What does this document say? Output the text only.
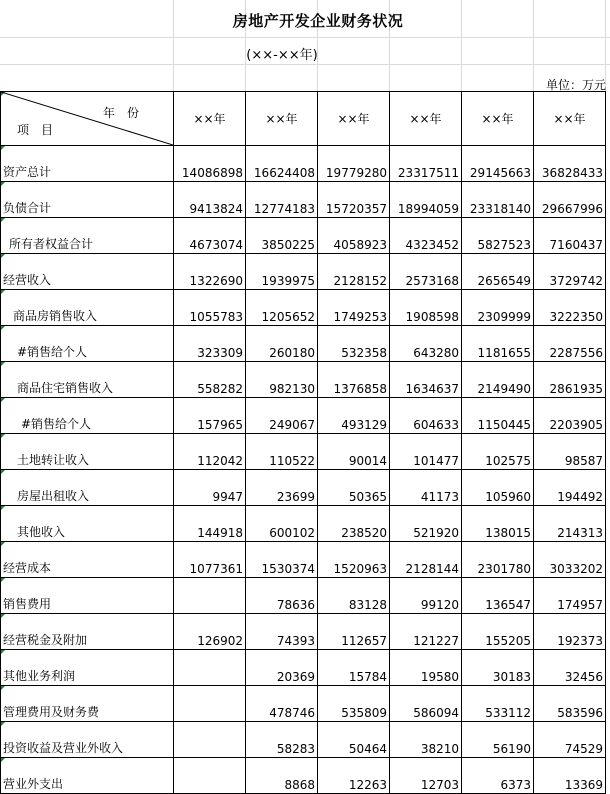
房地产开发企业财务状况
(××-××年)
单位：万元
年　份
项　目	××年	××年	××年	××年	××年	××年

资产总计	14086898	16624408	19779280	23317511	29145663	36828433

负债合计	9413824	12774183	15720357	18994059	23318140	29667996

所有者权益合计	4673074	3850225	4058923	4323452	5827523	7160437

经营收入	1322690	1939975	2128152	2573168	2656549	3729742

商品房销售收入	1055783	1205652	1749253	1908598	2309999	3222350

#销售给个人	323309	260180	532358	643280	1181655	2287556

商品住宅销售收入	558282	982130	1376858	1634637	2149490	2861935

#销售给个人	157965	249067	493129	604633	1150445	2203905

土地转让收入	112042	110522	90014	101477	102575	98587

房屋出租收入	9947	23699	50365	41173	105960	194492

其他收入	144918	600102	238520	521920	138015	214313

经营成本	1077361	1530374	1520963	2128144	2301780	3033202

销售费用		78636	83128	99120	136547	174957

经营税金及附加	126902	74393	112657	121227	155205	192373

其他业务利润		20369	15784	19580	30183	32456

管理费用及财务费		478746	535809	586094	533112	583596

投资收益及营业外收入		58283	50464	38210	56190	74529

营业外支出		8868	12263	12703	6373	13369
